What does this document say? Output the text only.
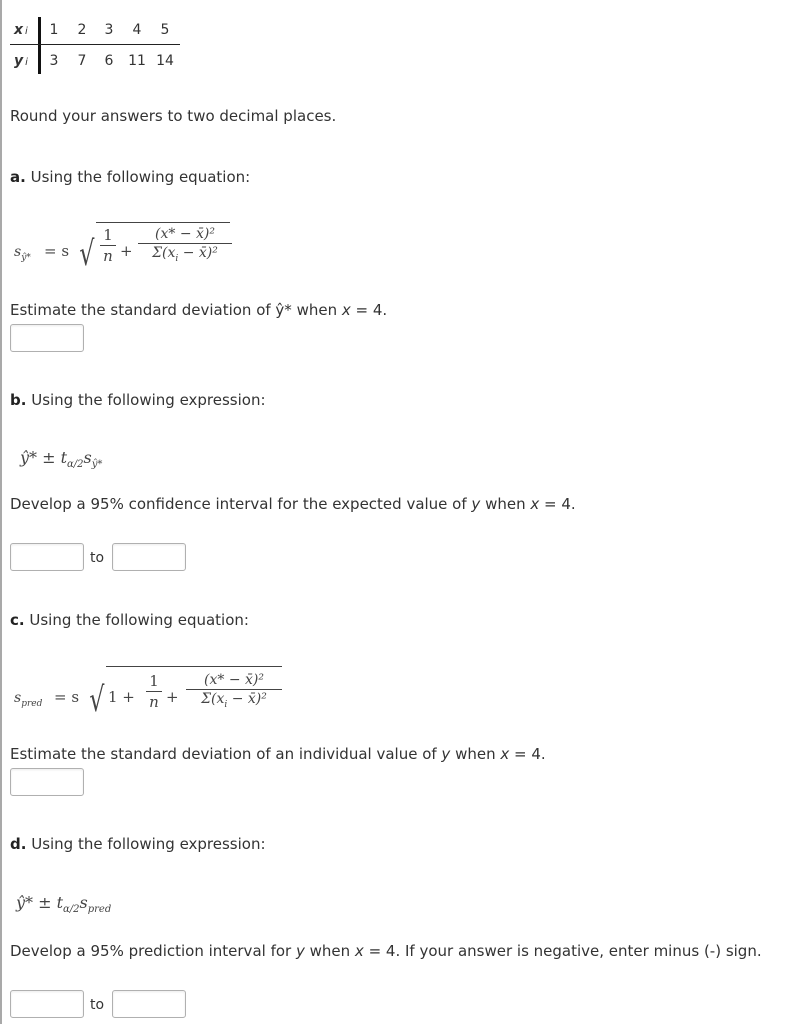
x i	1	2	3	4	5
y i	3	7	6	11 14
Round your answers to two decimal places.
a. Using the following equation:
$s_{ŷ*} = s$ √ 1
n +
(x* − x̄)²
$\Sigma(x_i$ − x̄)²
Estimate the standard deviation of ŷ* when x = 4.
b. Using the following expression:
ŷ* ± $t_{\alpha/2}s_{ŷ*}$
Develop a 95% confidence interval for the expected value of y when x = 4.
to
c. Using the following equation:
$s_{pred} = s$ √ 1 +
1
n +
(x* − x̄)²
$\Sigma(x_i$ − x̄)²
Estimate the standard deviation of an individual value of y when x = 4.
d. Using the following expression:
ŷ* ± $t_{\alpha/2}s_{pred}$
Develop a 95% prediction interval for y when x = 4. If your answer is negative, enter minus (-) sign.
to
